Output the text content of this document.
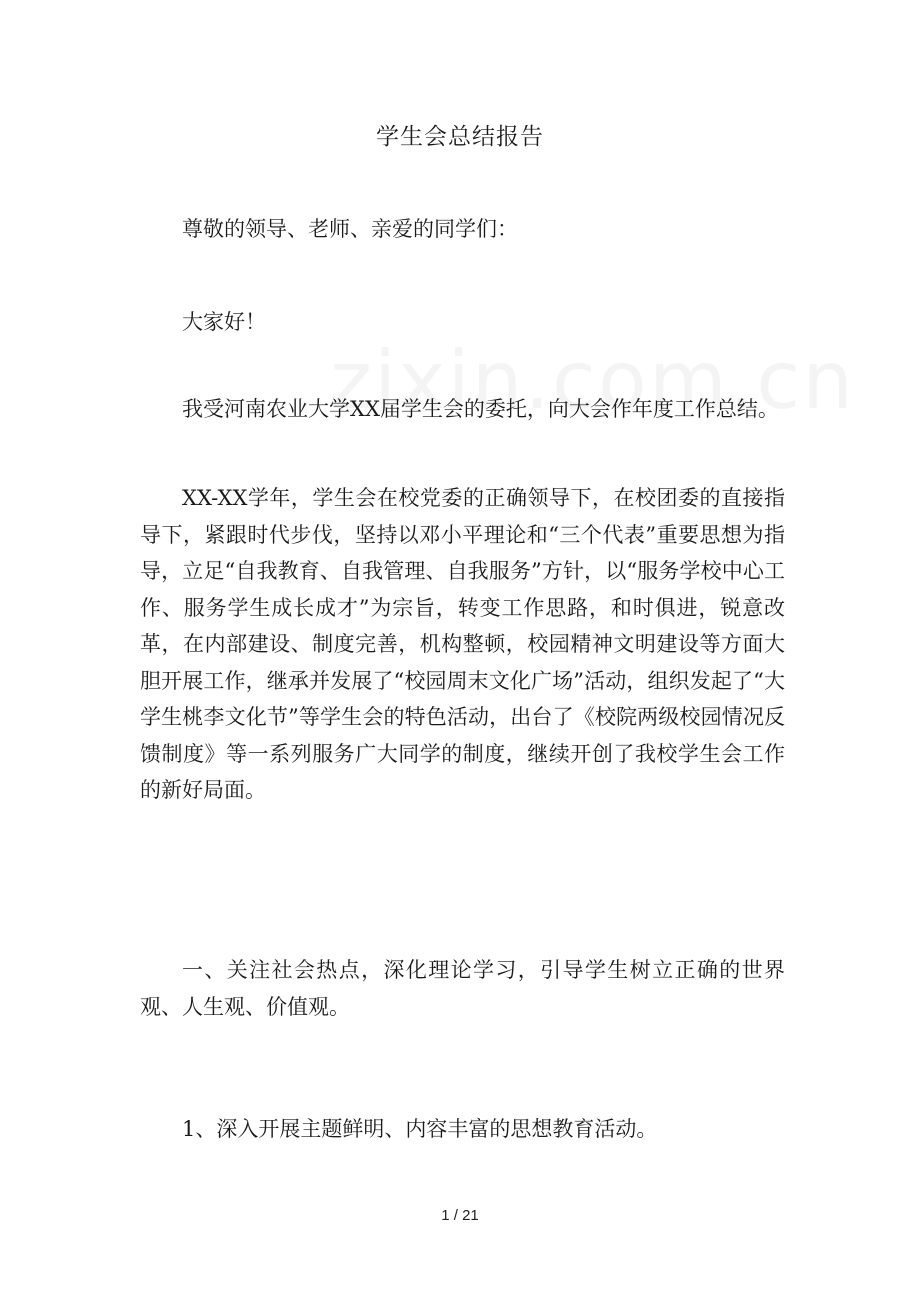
学生会总结报告

尊敬的领导、老师、亲爱的同学们：

大家好！

我受河南农业大学XX届学生会的委托，向大会作年度工作总结。

XX-XX学年，学生会在校党委的正确领导下，在校团委的直接指导下，紧跟时代步伐，坚持以邓小平理论和“三个代表”重要思想为指导，立足“自我教育、自我管理、自我服务”方针，以“服务学校中心工作、服务学生成长成才”为宗旨，转变工作思路，和时俱进，锐意改革，在内部建设、制度完善，机构整顿，校园精神文明建设等方面大胆开展工作，继承并发展了“校园周末文化广场”活动，组织发起了“大学生桃李文化节”等学生会的特色活动，出台了《校院两级校园情况反馈制度》等一系列服务广大同学的制度，继续开创了我校学生会工作的新好局面。

一、关注社会热点，深化理论学习，引导学生树立正确的世界观、人生观、价值观。

1、深入开展主题鲜明、内容丰富的思想教育活动。

1 / 21
